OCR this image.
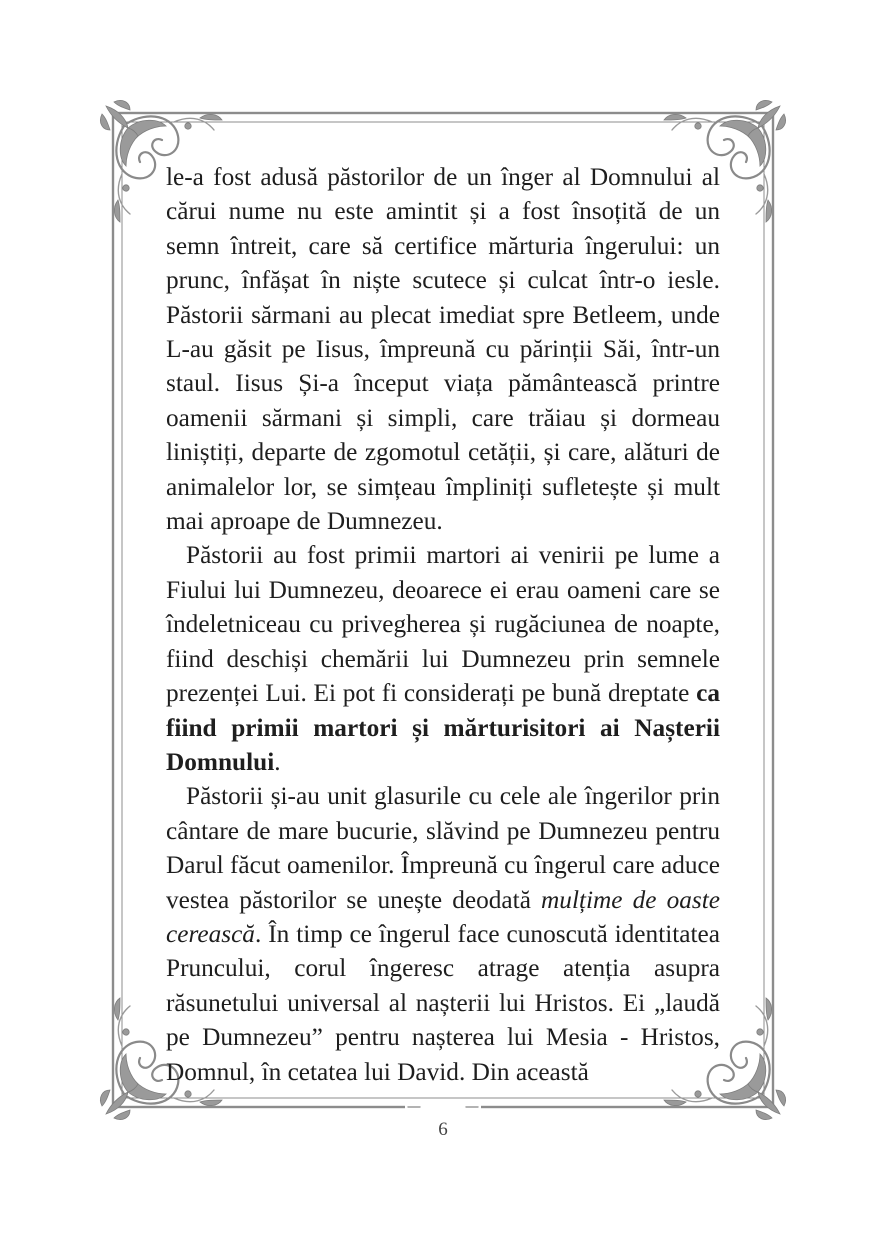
le-a fost adusă păstorilor de un înger al Domnului al cărui nume nu este amintit și a fost însoțită de un semn întreit, care să certifice mărturia îngerului: un prunc, înfășat în niște scutece și culcat într-o iesle. Păstorii sărmani au plecat imediat spre Betleem, unde L-au găsit pe Iisus, împreună cu părinții Săi, într-un staul. Iisus Și-a început viața pământească printre oamenii sărmani și simpli, care trăiau și dormeau liniștiți, departe de zgomotul cetății, și care, alături de animalelor lor, se simțeau împliniți sufletește și mult mai aproape de Dumnezeu.

Păstorii au fost primii martori ai venirii pe lume a Fiului lui Dumnezeu, deoarece ei erau oameni care se îndeletniceau cu privegherea și rugăciunea de noapte, fiind deschiși chemării lui Dumnezeu prin semnele prezenței Lui. Ei pot fi considerați pe bună dreptate ca fiind primii martori și mărturisitori ai Nașterii Domnului.

Păstorii și-au unit glasurile cu cele ale îngerilor prin cântare de mare bucurie, slăvind pe Dumnezeu pentru Darul făcut oamenilor. Împreună cu îngerul care aduce vestea păstorilor se unește deodată mulțime de oaste cerească. În timp ce îngerul face cunoscută identitatea Pruncului, corul îngeresc atrage atenția asupra răsunetului universal al nașterii lui Hristos. Ei „laudă pe Dumnezeu” pentru nașterea lui Mesia - Hristos, Domnul, în cetatea lui David. Din această

6
